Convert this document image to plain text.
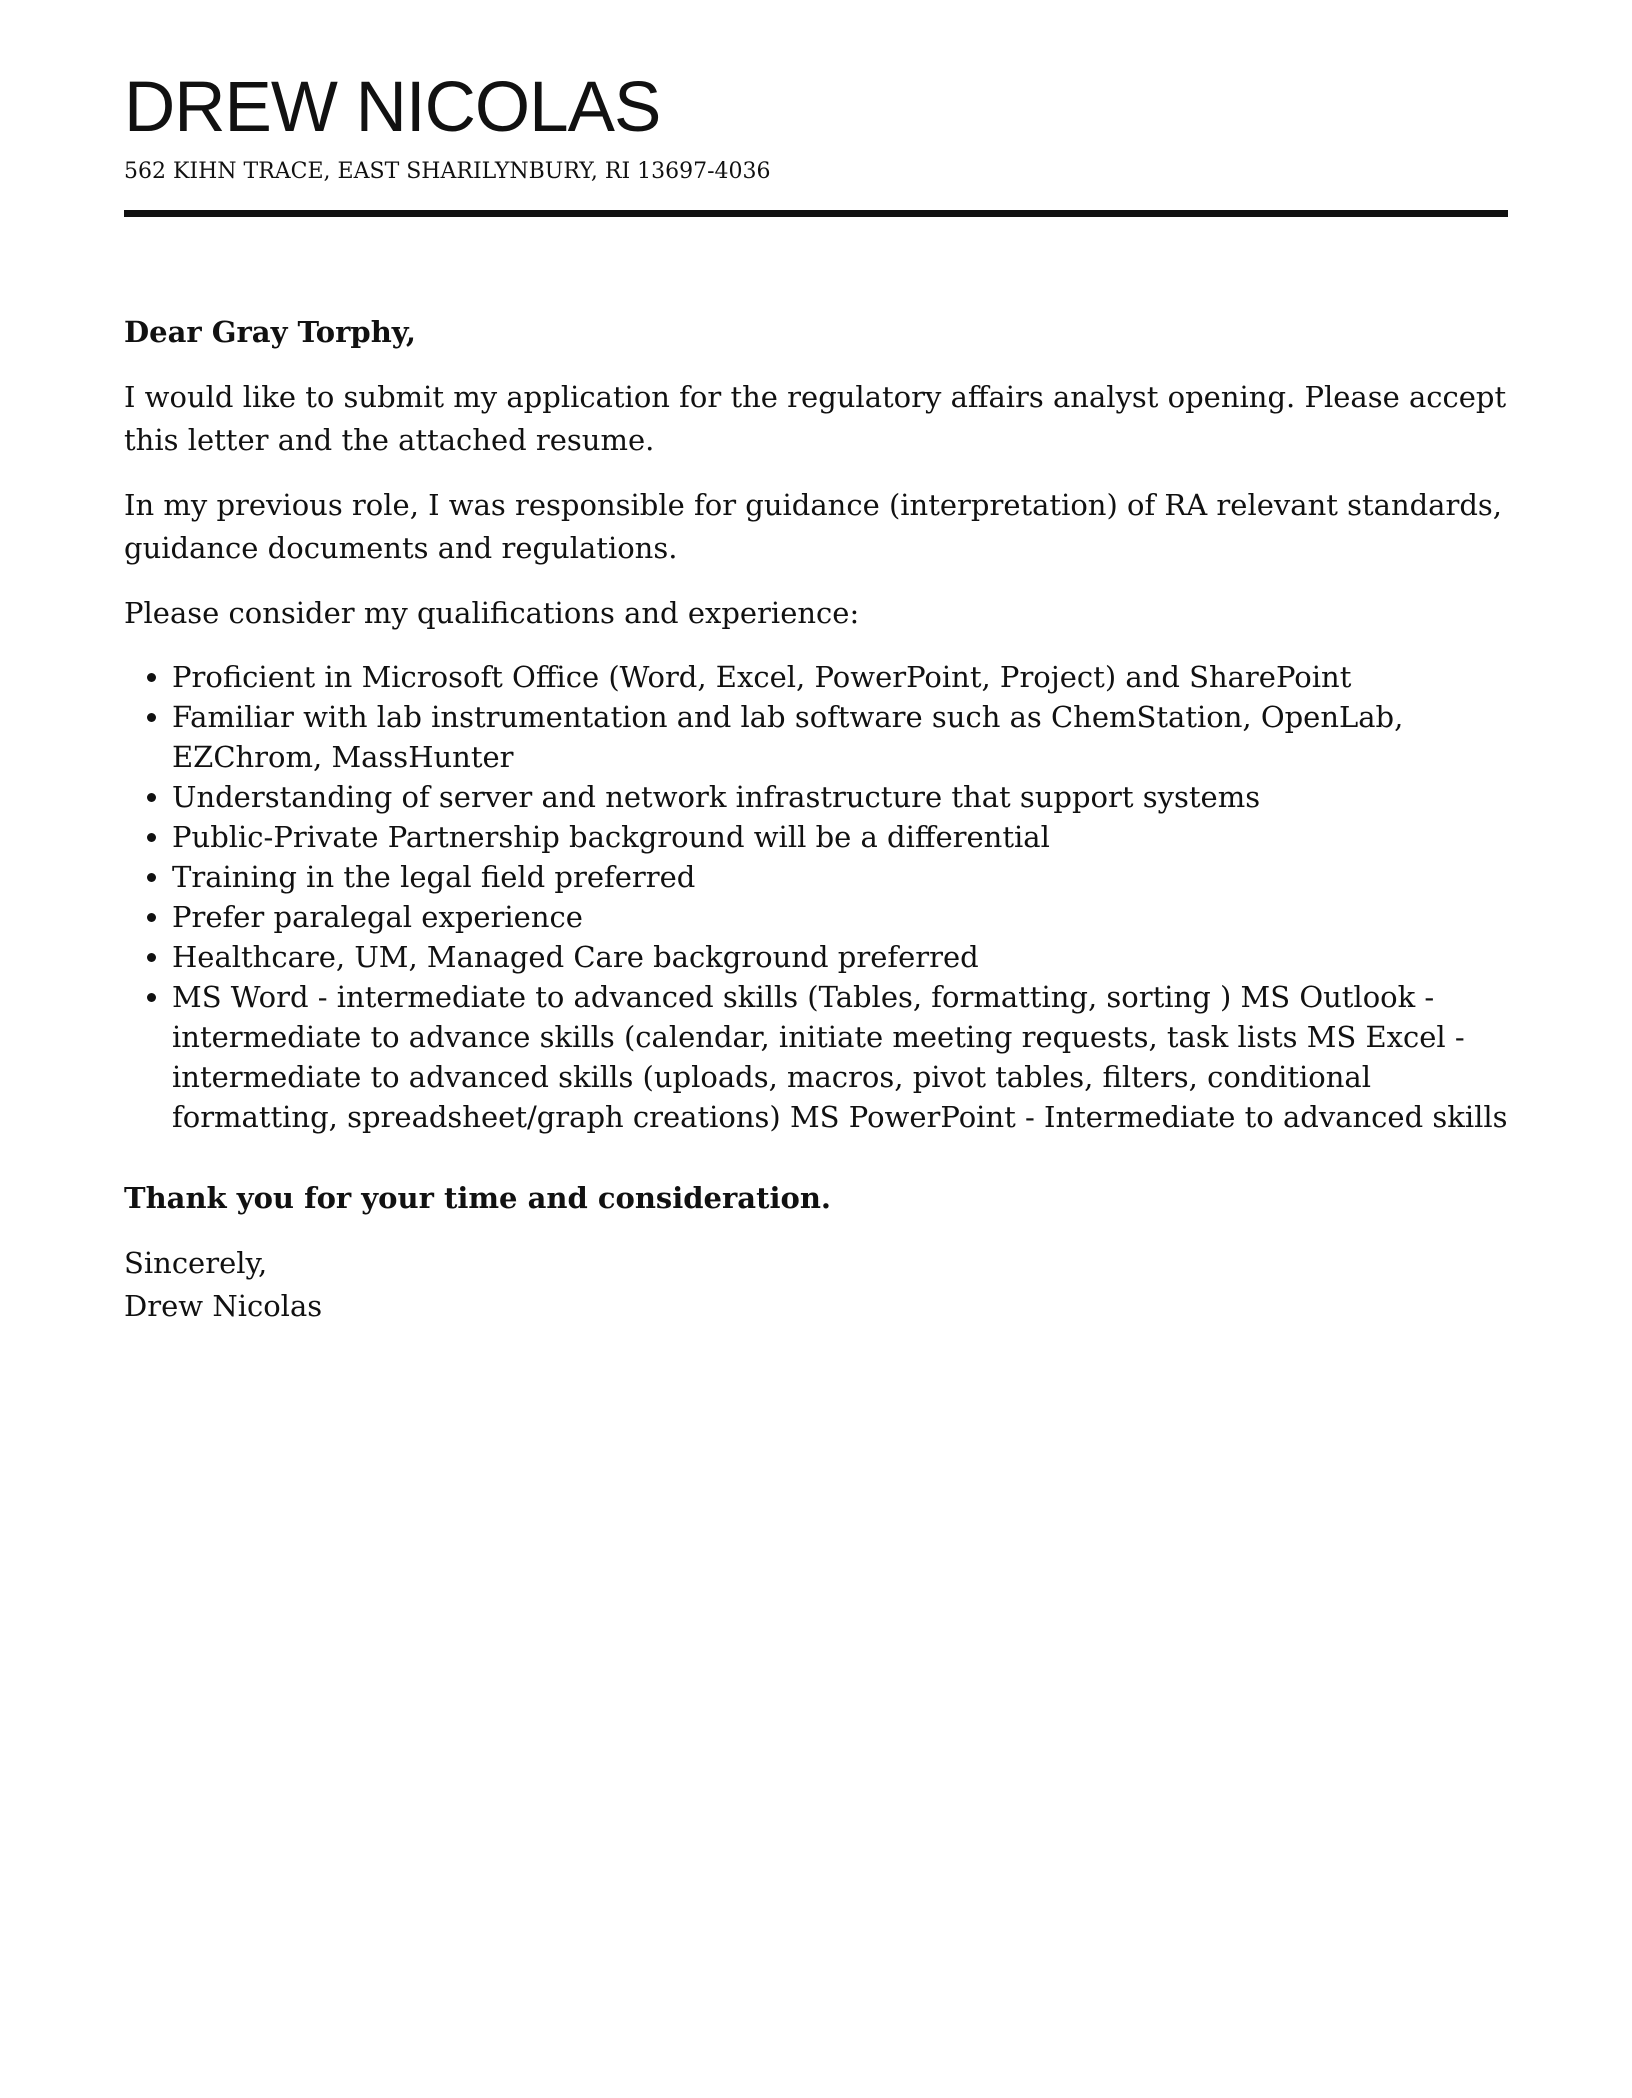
DREW NICOLAS
562 KIHN TRACE, EAST SHARILYNBURY, RI 13697-4036

Dear Gray Torphy,

I would like to submit my application for the regulatory affairs analyst opening. Please accept this letter and the attached resume.

In my previous role, I was responsible for guidance (interpretation) of RA relevant standards, guidance documents and regulations.

Please consider my qualifications and experience:

• Proficient in Microsoft Office (Word, Excel, PowerPoint, Project) and SharePoint
• Familiar with lab instrumentation and lab software such as ChemStation, OpenLab, EZChrom, MassHunter
• Understanding of server and network infrastructure that support systems
• Public-Private Partnership background will be a differential
• Training in the legal field preferred
• Prefer paralegal experience
• Healthcare, UM, Managed Care background preferred
• MS Word - intermediate to advanced skills (Tables, formatting, sorting ) MS Outlook - intermediate to advance skills (calendar, initiate meeting requests, task lists MS Excel - intermediate to advanced skills (uploads, macros, pivot tables, filters, conditional formatting, spreadsheet/graph creations) MS PowerPoint - Intermediate to advanced skills

Thank you for your time and consideration.

Sincerely,

Drew Nicolas
